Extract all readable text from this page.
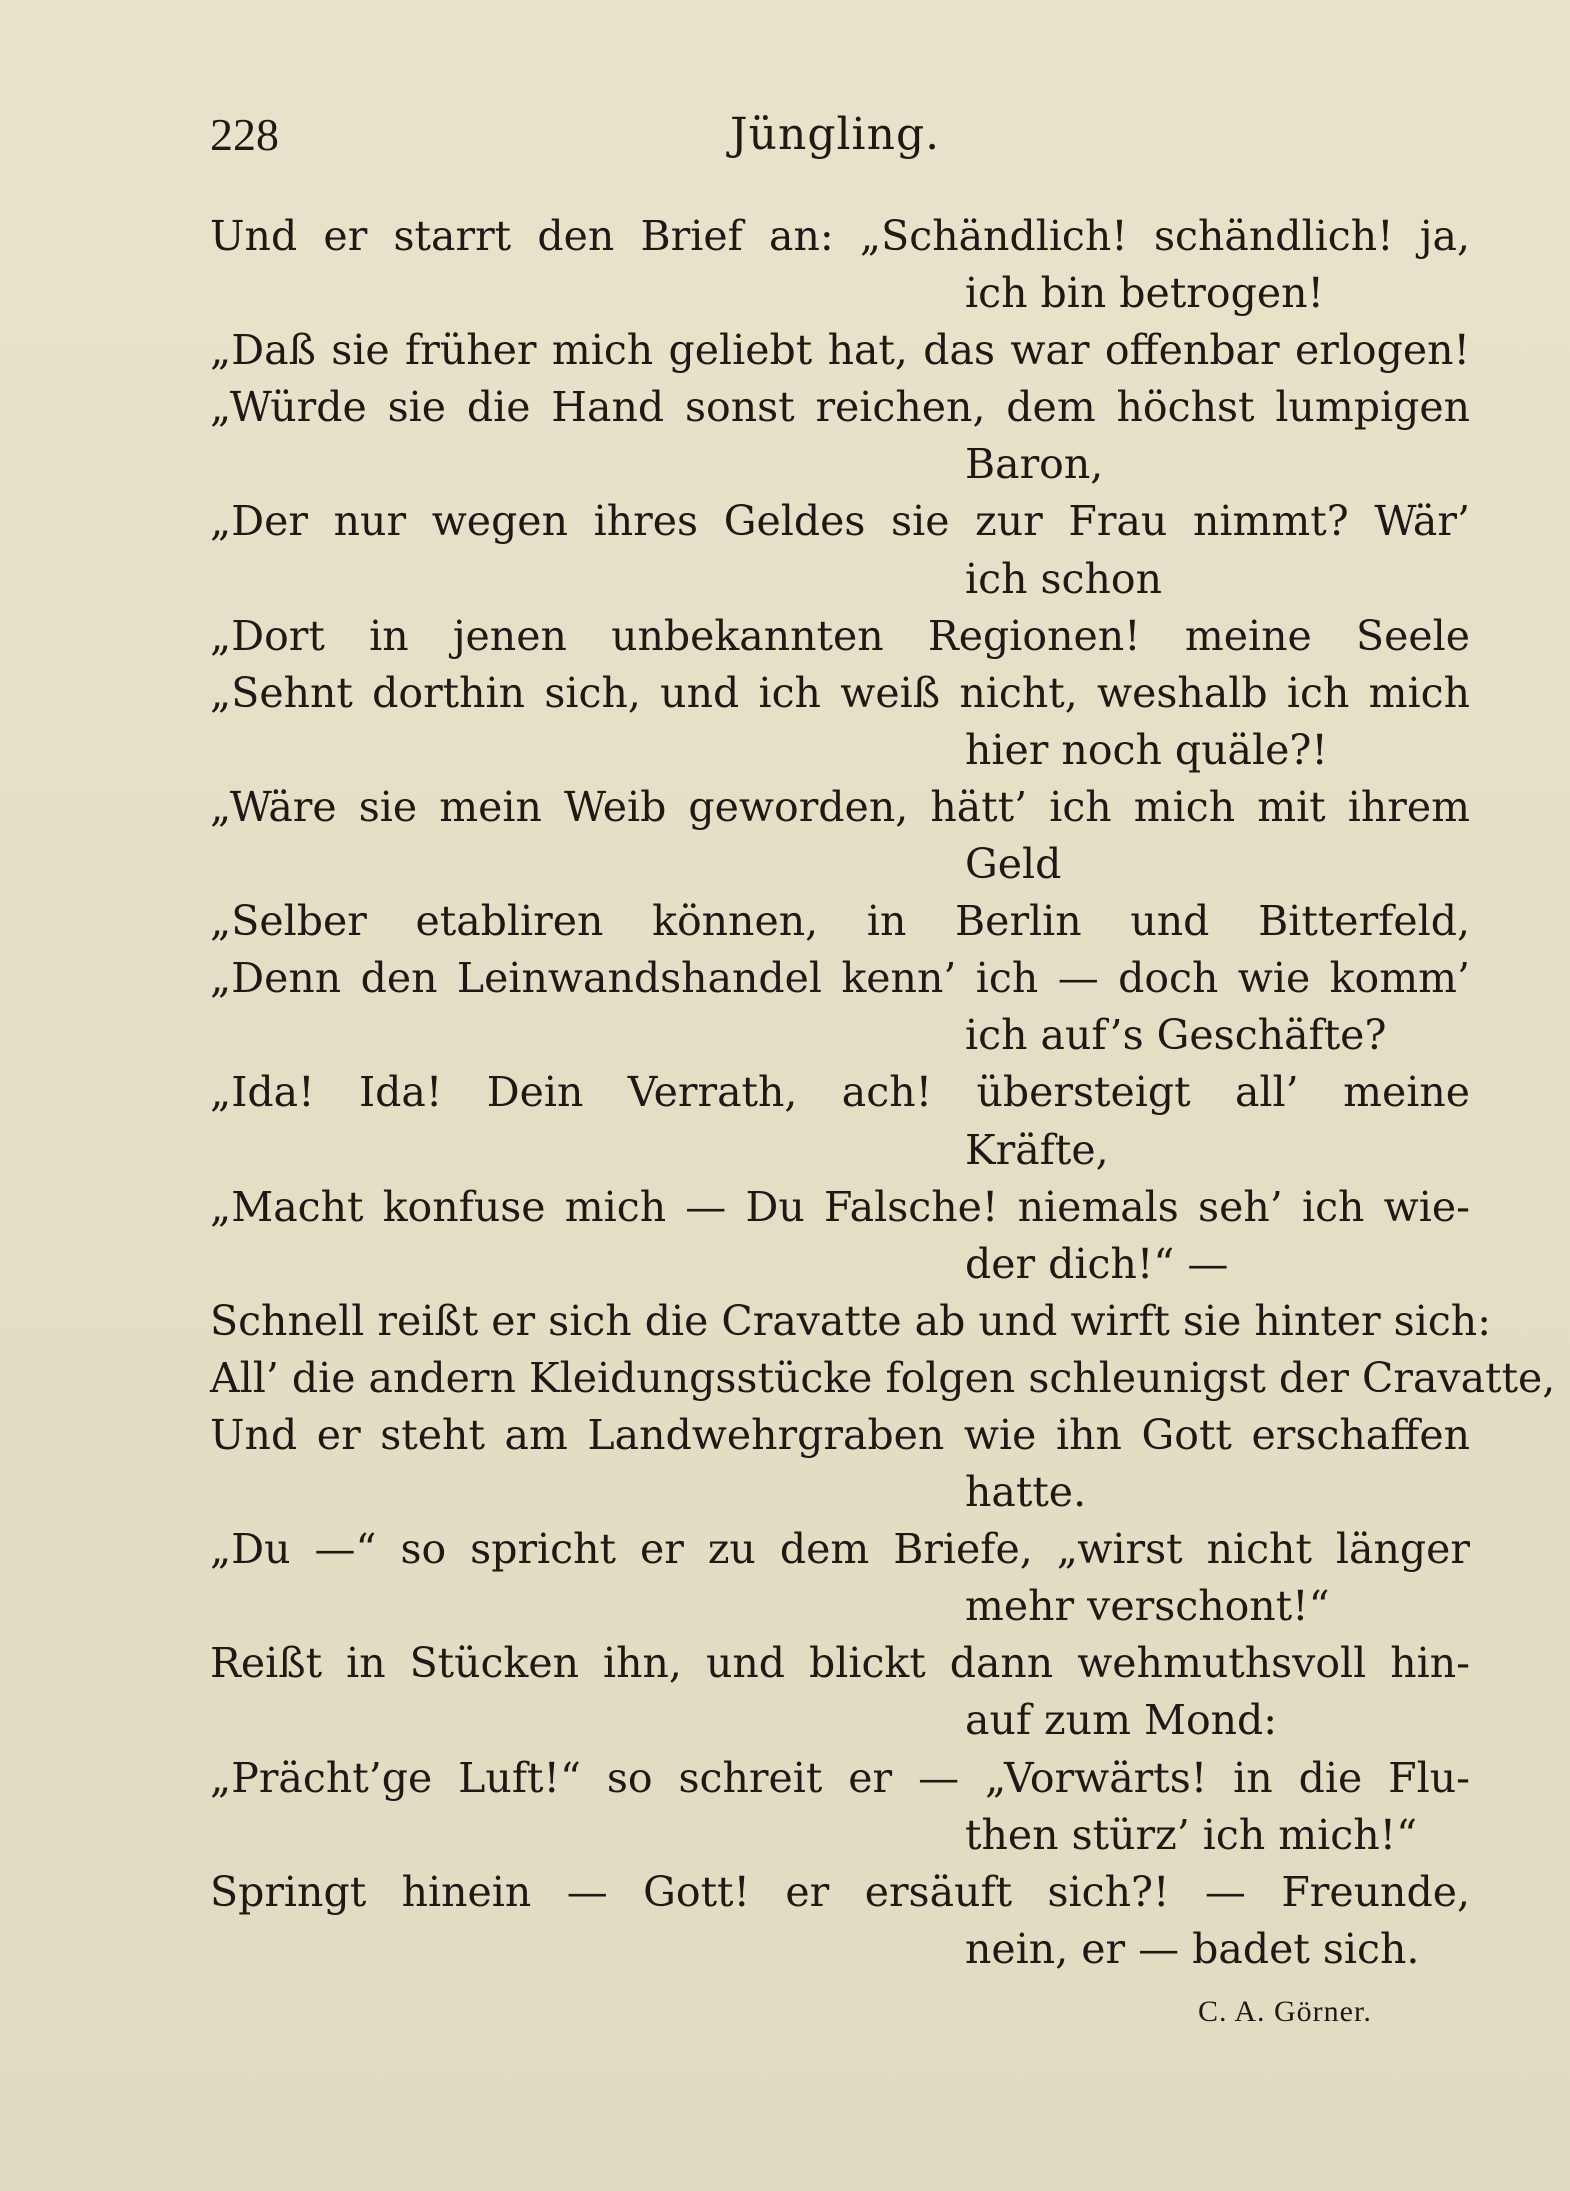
228	Jüngling.
Und er starrt den Brief an: „Schändlich! schändlich! ja,
ich bin betrogen!
„Daß sie früher mich geliebt hat, das war offenbar erlogen!
„Würde sie die Hand sonst reichen, dem höchst lumpigen
Baron,
„Der nur wegen ihres Geldes sie zur Frau nimmt? Wär’
ich schon
„Dort in jenen unbekannten Regionen! meine Seele
„Sehnt dorthin sich, und ich weiß nicht, weshalb ich mich
hier noch quäle?!
„Wäre sie mein Weib geworden, hätt’ ich mich mit ihrem
Geld
„Selber etabliren können, in Berlin und Bitterfeld,
„Denn den Leinwandshandel kenn’ ich — doch wie komm’
ich auf’s Geschäfte?
„Ida! Ida! Dein Verrath, ach! übersteigt all’ meine
Kräfte,
„Macht konfuse mich — Du Falsche! niemals seh’ ich wie-
der dich!“ —
Schnell reißt er sich die Cravatte ab und wirft sie hinter sich:
All’ die andern Kleidungsstücke folgen schleunigst der Cravatte,
Und er steht am Landwehrgraben wie ihn Gott erschaffen
hatte.
„Du —“ so spricht er zu dem Briefe, „wirst nicht länger
mehr verschont!“
Reißt in Stücken ihn, und blickt dann wehmuthsvoll hin-
auf zum Mond:
„Prächt’ge Luft!“ so schreit er — „Vorwärts! in die Flu-
then stürz’ ich mich!“
Springt hinein — Gott! er ersäuft sich?! — Freunde,
nein, er — badet sich.
C. A. Görner.
